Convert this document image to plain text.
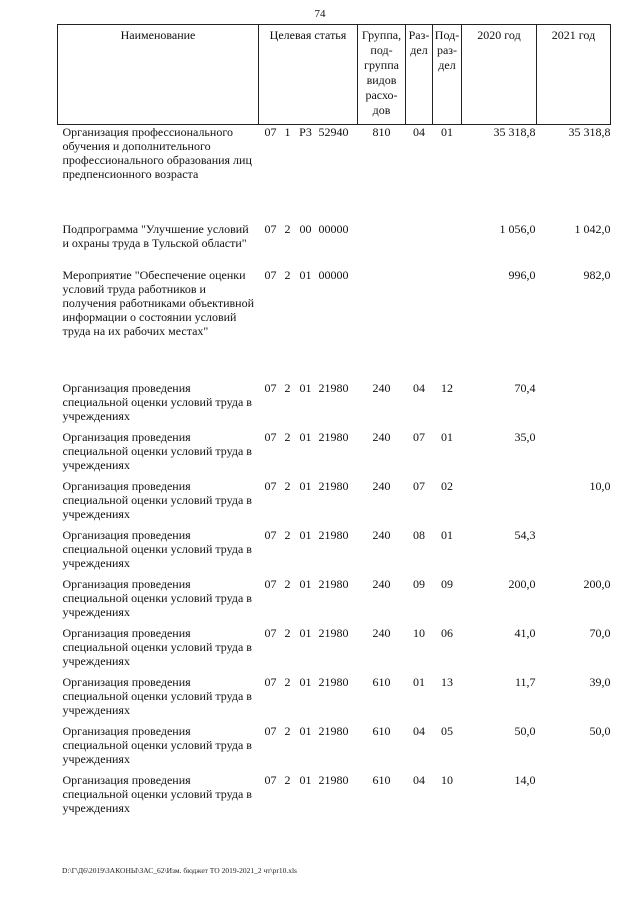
74
Наименование	Целевая статья	Группа, под- группа видов расхо- дов	Раз- дел	Под- раз- дел	2020 год	2021 год
Организация профессионального обучения и дополнительного профессионального образования лиц предпенсионного возраста	07 1 Р3 52940	810	04	01	35 318,8	35 318,8
Подпрограмма "Улучшение условий и охраны труда в Тульской области"	07 2 00 00000				1 056,0	1 042,0
Мероприятие "Обеспечение оценки условий труда работников и получения работниками объективной информации о состоянии условий труда на их рабочих местах"	07 2 01 00000				996,0	982,0
Организация проведения специальной оценки условий труда в учреждениях	07 2 01 21980	240	04	12	70,4	
Организация проведения специальной оценки условий труда в учреждениях	07 2 01 21980	240	07	01	35,0	
Организация проведения специальной оценки условий труда в учреждениях	07 2 01 21980	240	07	02		10,0
Организация проведения специальной оценки условий труда в учреждениях	07 2 01 21980	240	08	01	54,3	
Организация проведения специальной оценки условий труда в учреждениях	07 2 01 21980	240	09	09	200,0	200,0
Организация проведения специальной оценки условий труда в учреждениях	07 2 01 21980	240	10	06	41,0	70,0
Организация проведения специальной оценки условий труда в учреждениях	07 2 01 21980	610	01	13	11,7	39,0
Организация проведения специальной оценки условий труда в учреждениях	07 2 01 21980	610	04	05	50,0	50,0
Организация проведения специальной оценки условий труда в учреждениях	07 2 01 21980	610	04	10	14,0	
D:\Г\Д6\2019\ЗАКОНЫ\ЗАС_62\Изм. бюджет ТО 2019-2021_2 чт\pr10.xls
